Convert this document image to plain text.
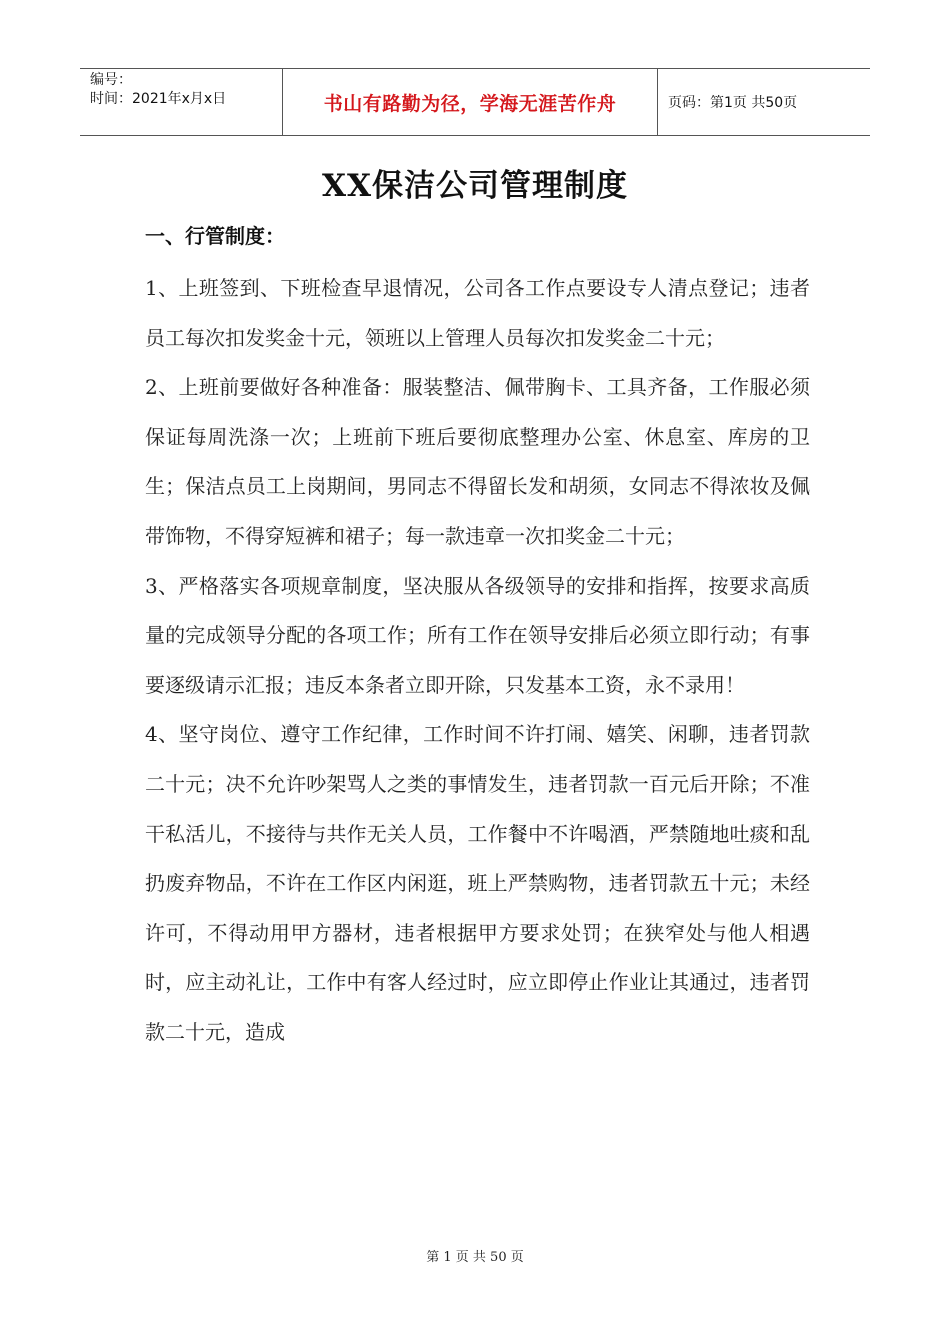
编号：
时间：2021年x月x日	书山有路勤为径，学海无涯苦作舟	页码：第1页 共50页
XX保洁公司管理制度
一、行管制度：

1、上班签到、下班检查早退情况，公司各工作点要设专人清点登记；违者员工每次扣发奖金十元，领班以上管理人员每次扣发奖金二十元；

2、上班前要做好各种准备：服装整洁、佩带胸卡、工具齐备，工作服必须保证每周洗涤一次；上班前下班后要彻底整理办公室、休息室、库房的卫生；保洁点员工上岗期间，男同志不得留长发和胡须，女同志不得浓妆及佩带饰物，不得穿短裤和裙子；每一款违章一次扣奖金二十元；

3、严格落实各项规章制度，坚决服从各级领导的安排和指挥，按要求高质量的完成领导分配的各项工作；所有工作在领导安排后必须立即行动；有事要逐级请示汇报；违反本条者立即开除，只发基本工资，永不录用！

4、坚守岗位、遵守工作纪律，工作时间不许打闹、嬉笑、闲聊，违者罚款二十元；决不允许吵架骂人之类的事情发生，违者罚款一百元后开除；不准干私活儿，不接待与共作无关人员，工作餐中不许喝酒，严禁随地吐痰和乱扔废弃物品，不许在工作区内闲逛，班上严禁购物，违者罚款五十元；未经许可，不得动用甲方器材，违者根据甲方要求处罚；在狭窄处与他人相遇时，应主动礼让，工作中有客人经过时，应立即停止作业让其通过，违者罚款二十元，造成

第 1 页 共 50 页
